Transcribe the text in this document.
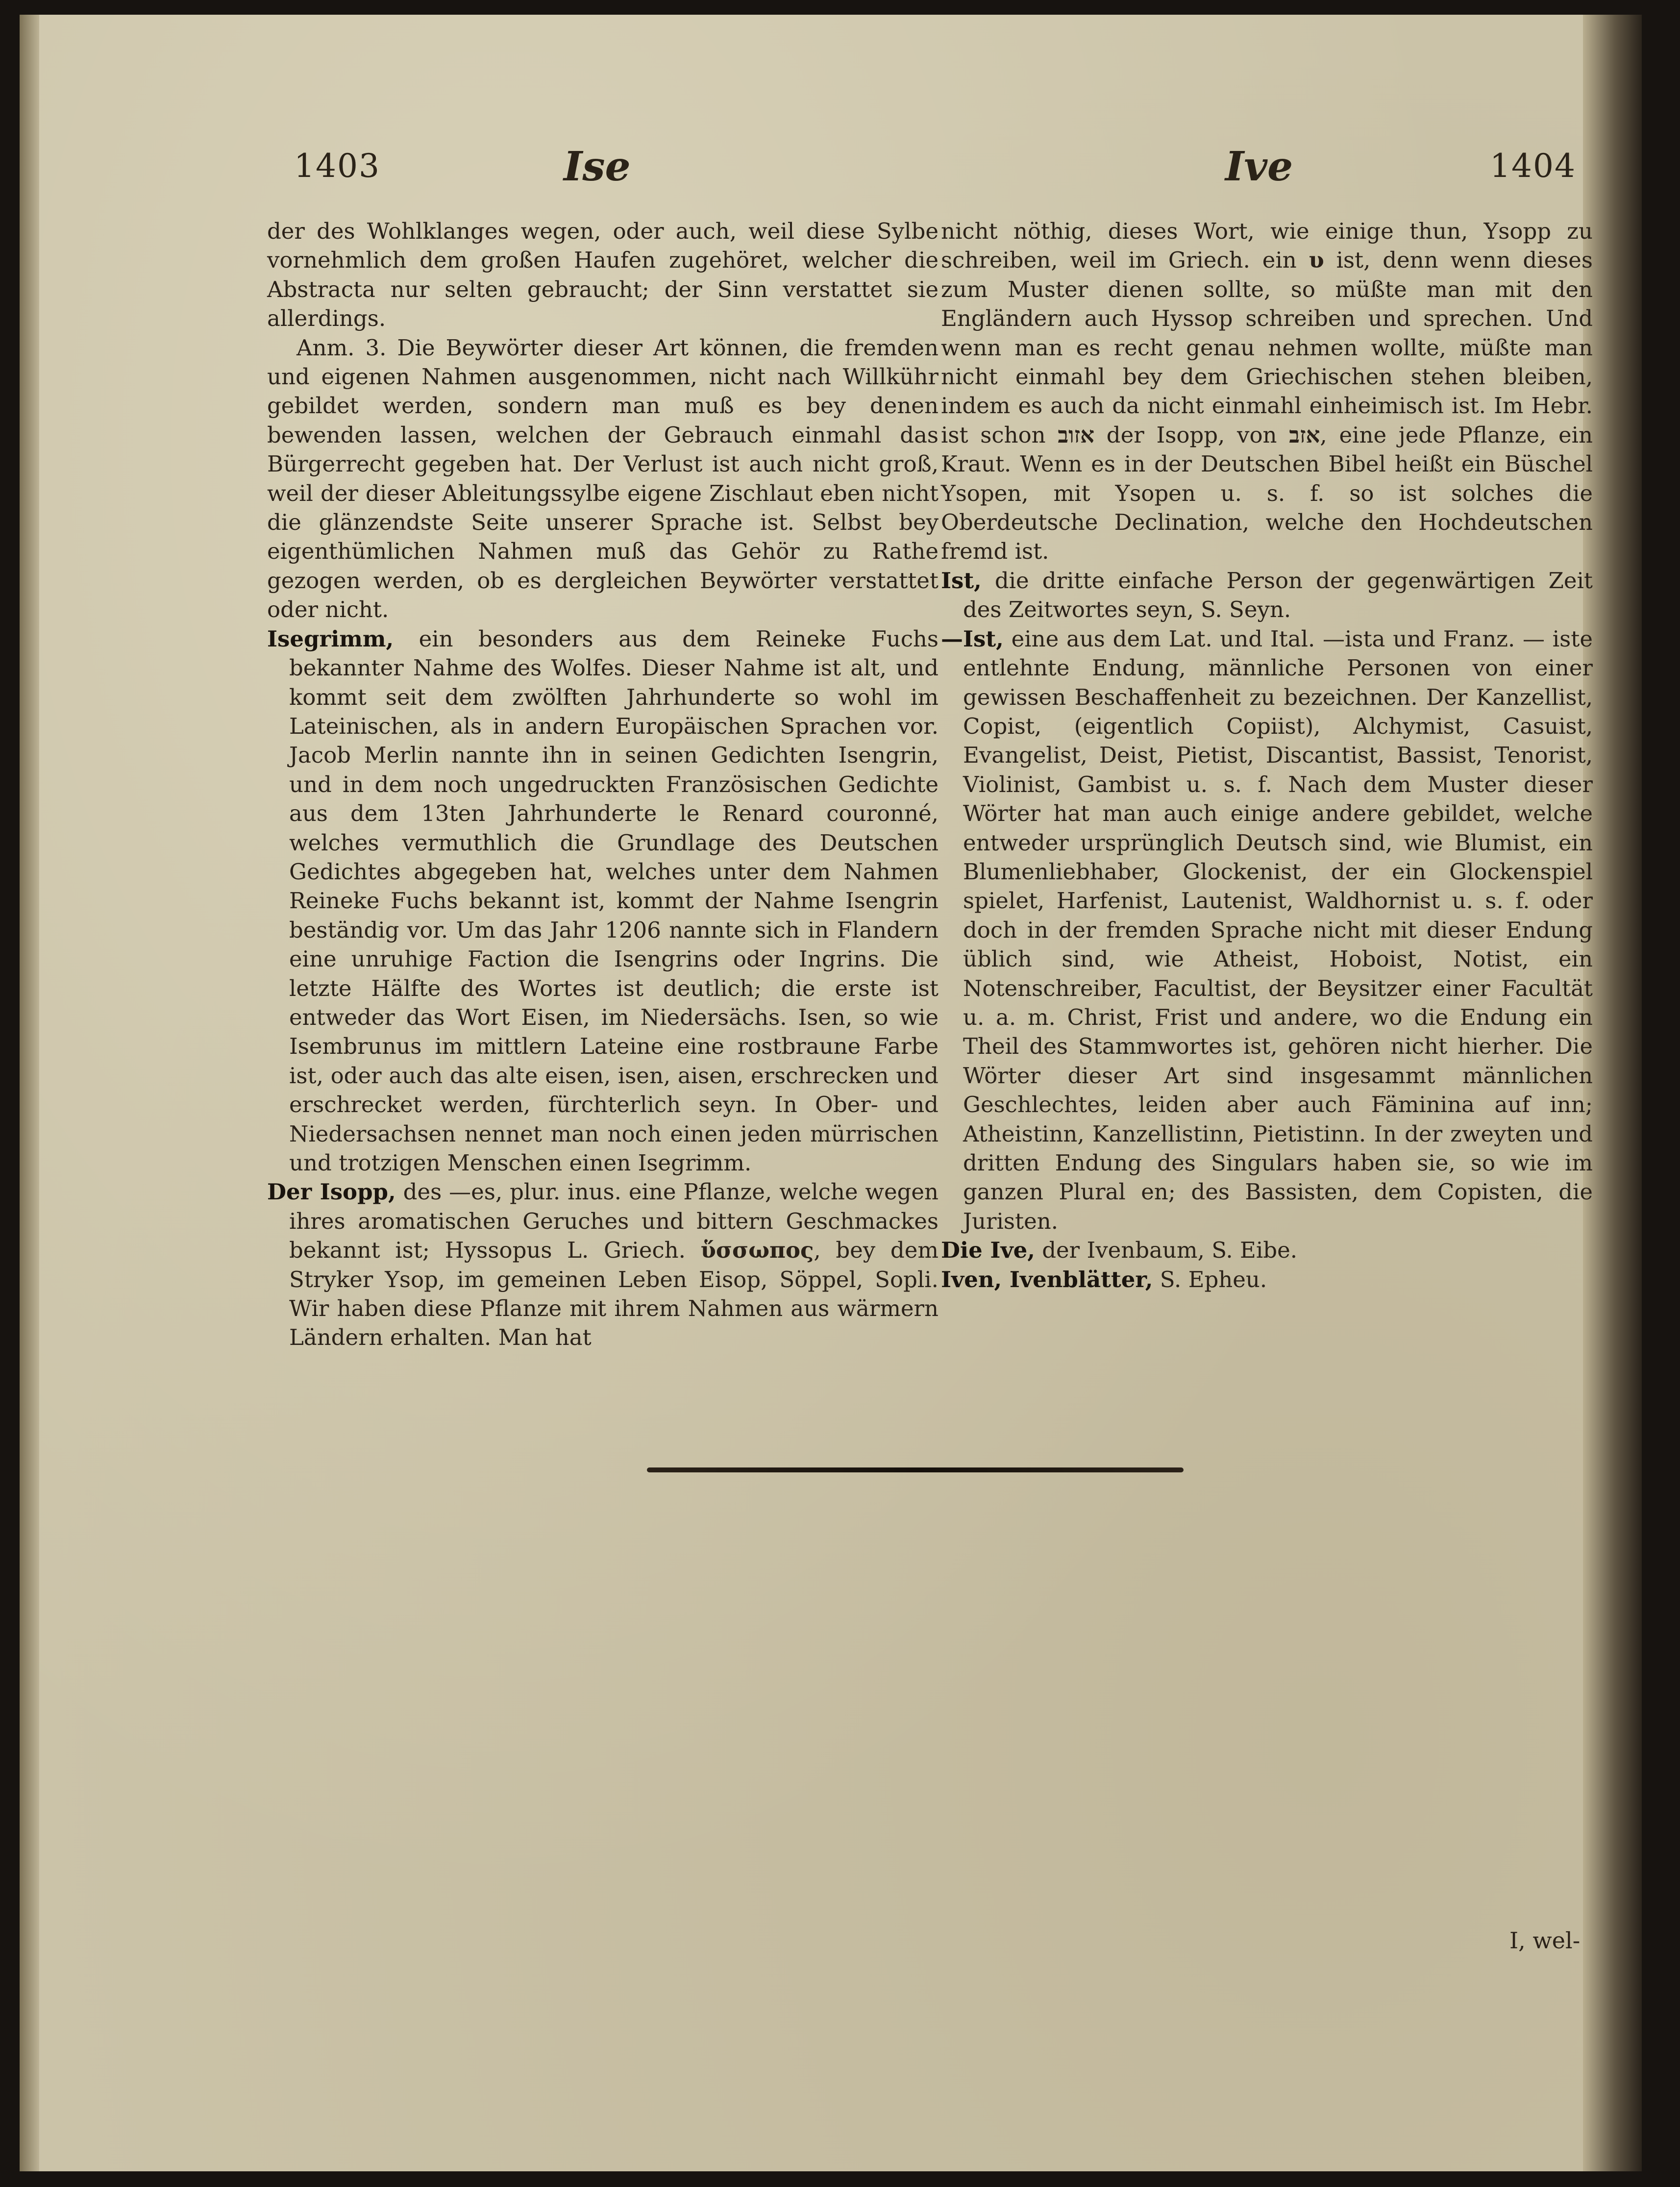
1403	Ise	Ive	1404

der des Wohlklanges wegen, oder auch, weil diese Sylbe vornehmlich dem großen Haufen zugehöret, welcher die Abstracta nur selten gebraucht; der Sinn verstattet sie allerdings.

Anm. 3. Die Beywörter dieser Art können, die fremden und eigenen Nahmen ausgenommen, nicht nach Willkühr gebildet werden, sondern man muß es bey denen bewenden lassen, welchen der Gebrauch einmahl das Bürgerrecht gegeben hat. Der Verlust ist auch nicht groß, weil der dieser Ableitungssylbe eigene Zischlaut eben nicht die glänzendste Seite unserer Sprache ist. Selbst bey eigenthümlichen Nahmen muß das Gehör zu Rathe gezogen werden, ob es dergleichen Beywörter verstattet oder nicht.

Isegrimm, ein besonders aus dem Reineke Fuchs bekannter Nahme des Wolfes. Dieser Nahme ist alt, und kommt seit dem zwölften Jahrhunderte so wohl im Lateinischen, als in andern Europäischen Sprachen vor. Jacob Merlin nannte ihn in seinen Gedichten Isengrin, und in dem noch ungedruckten Französischen Gedichte aus dem 13ten Jahrhunderte le Renard couronné, welches vermuthlich die Grundlage des Deutschen Gedichtes abgegeben hat, welches unter dem Nahmen Reineke Fuchs bekannt ist, kommt der Nahme Isengrin beständig vor. Um das Jahr 1206 nannte sich in Flandern eine unruhige Faction die Isengrins oder Ingrins. Die letzte Hälfte des Wortes ist deutlich; die erste ist entweder das Wort Eisen, im Niedersächs. Isen, so wie Isembrunus im mittlern Lateine eine rostbraune Farbe ist, oder auch das alte eisen, isen, aisen, erschrecken und erschrecket werden, fürchterlich seyn. In Ober- und Niedersachsen nennet man noch einen jeden mürrischen und trotzigen Menschen einen Isegrimm.

Der Isopp, des —es, plur. inus. eine Pflanze, welche wegen ihres aromatischen Geruches und bittern Geschmackes bekannt ist; Hyssopus L. Griech. ὕσσωπος, bey dem Stryker Ysop, im gemeinen Leben Eisop, Söppel, Sopli. Wir haben diese Pflanze mit ihrem Nahmen aus wärmern Ländern erhalten. Man hat

nicht nöthig, dieses Wort, wie einige thun, Ysopp zu schreiben, weil im Griech. ein υ ist, denn wenn dieses zum Muster dienen sollte, so müßte man mit den Engländern auch Hyssop schreiben und sprechen. Und wenn man es recht genau nehmen wollte, müßte man nicht einmahl bey dem Griechischen stehen bleiben, indem es auch da nicht einmahl einheimisch ist. Im Hebr. ist schon אזוב der Isopp, von אזב, eine jede Pflanze, ein Kraut. Wenn es in der Deutschen Bibel heißt ein Büschel Ysopen, mit Ysopen u. s. f. so ist solches die Oberdeutsche Declination, welche den Hochdeutschen fremd ist.

Ist, die dritte einfache Person der gegenwärtigen Zeit des Zeitwortes seyn, S. Seyn.

—Ist, eine aus dem Lat. und Ital. —ista und Franz. — iste entlehnte Endung, männliche Personen von einer gewissen Beschaffenheit zu bezeichnen. Der Kanzellist, Copist, (eigentlich Copiist), Alchymist, Casuist, Evangelist, Deist, Pietist, Discantist, Bassist, Tenorist, Violinist, Gambist u. s. f. Nach dem Muster dieser Wörter hat man auch einige andere gebildet, welche entweder ursprünglich Deutsch sind, wie Blumist, ein Blumenliebhaber, Glockenist, der ein Glockenspiel spielet, Harfenist, Lautenist, Waldhornist u. s. f. oder doch in der fremden Sprache nicht mit dieser Endung üblich sind, wie Atheist, Hoboist, Notist, ein Notenschreiber, Facultist, der Beysitzer einer Facultät u. a. m. Christ, Frist und andere, wo die Endung ein Theil des Stammwortes ist, gehören nicht hierher. Die Wörter dieser Art sind insgesammt männlichen Geschlechtes, leiden aber auch Fämininа auf inn; Atheistinn, Kanzellistinn, Pietistinn. In der zweyten und dritten Endung des Singulars haben sie, so wie im ganzen Plural en; des Bassisten, dem Copisten, die Juristen.

Die Ive, der Ivenbaum, S. Eibe.

Iven, Ivenblätter, S. Epheu.

I, wel-
